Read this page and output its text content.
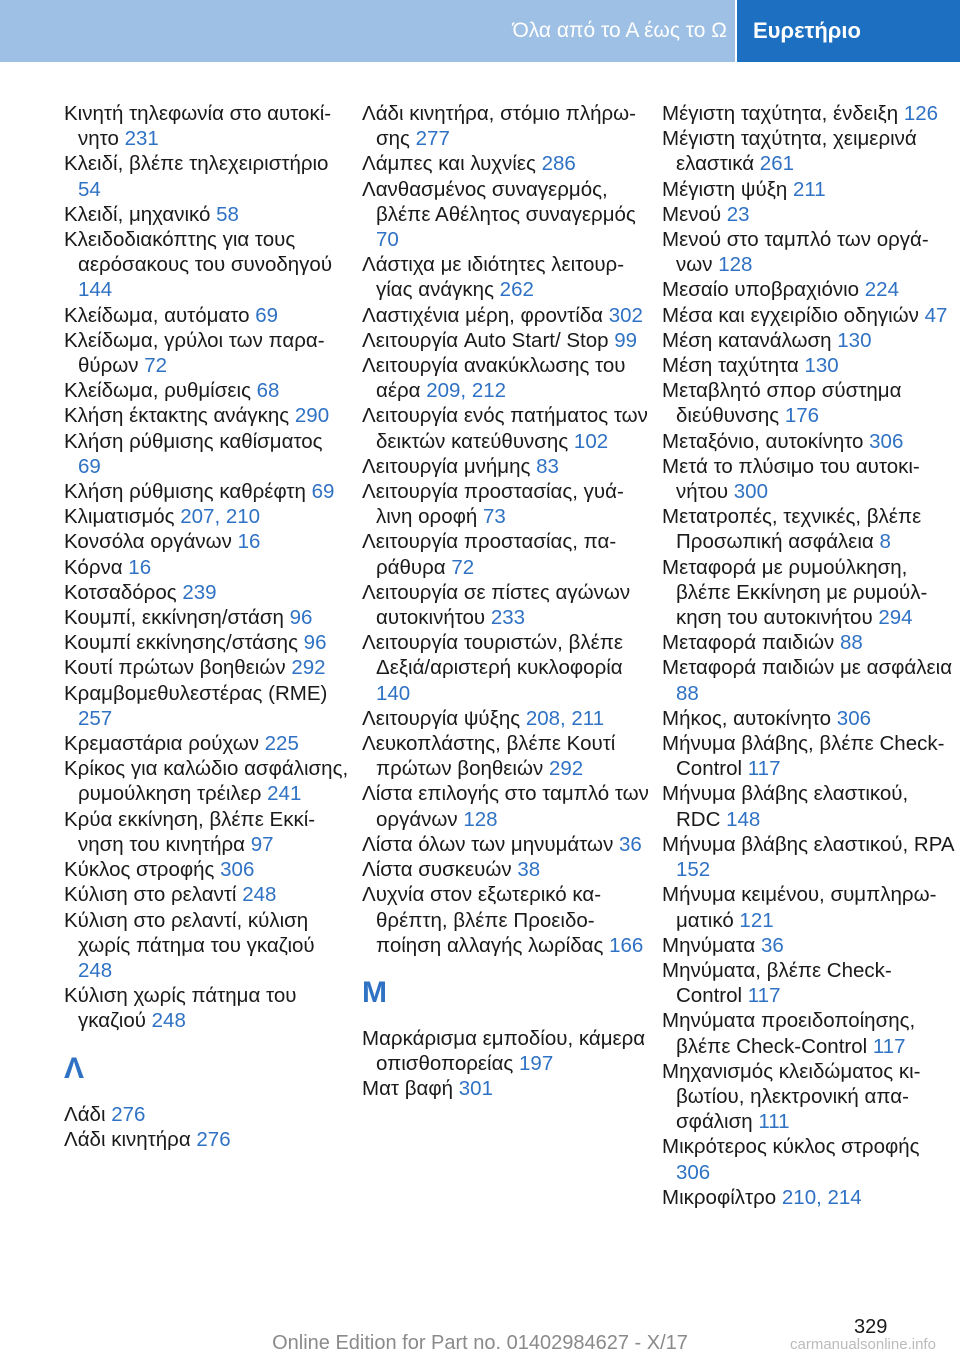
Όλα από το Α έως το Ω	Ευρετήριο
Κινητή τηλεφωνία στο αυτοκίνητο 231
Κλειδί, βλέπε τηλεχειριστήριο 54
Κλειδί, μηχανικό 58
Κλειδοδιακόπτης για τους αερόσακους του συνοδηγού 144
Κλείδωμα, αυτόματο 69
Κλείδωμα, γρύλοι των παραθύρων 72
Κλείδωμα, ρυθμίσεις 68
Κλήση έκτακτης ανάγκης 290
Κλήση ρύθμισης καθίσματος 69
Κλήση ρύθμισης καθρέφτη 69
Κλιματισμός 207, 210
Κονσόλα οργάνων 16
Κόρνα 16
Κοτσαδόρος 239
Κουμπί, εκκίνηση/στάση 96
Κουμπί εκκίνησης/στάσης 96
Κουτί πρώτων βοηθειών 292
Κραμβομεθυλεστέρας (RME) 257
Κρεμαστάρια ρούχων 225
Κρίκος για καλώδιο ασφάλισης, ρυμούλκηση τρέιλερ 241
Κρύα εκκίνηση, βλέπε Εκκίνηση του κινητήρα 97
Κύκλος στροφής 306
Κύλιση στο ρελαντί 248
Κύλιση στο ρελαντί, κύλιση χωρίς πάτημα του γκαζιού 248
Κύλιση χωρίς πάτημα του γκαζιού 248
Λ
Λάδι 276
Λάδι κινητήρα 276
Λάδι κινητήρα, στόμιο πλήρωσης 277
Λάμπες και λυχνίες 286
Λανθασμένος συναγερμός, βλέπε Αθέλητος συναγερμός 70
Λάστιχα με ιδιότητες λειτουργίας ανάγκης 262
Λαστιχένια μέρη, φροντίδα 302
Λειτουργία Auto Start/ Stop 99
Λειτουργία ανακύκλωσης του αέρα 209, 212
Λειτουργία ενός πατήματος των δεικτών κατεύθυνσης 102
Λειτουργία μνήμης 83
Λειτουργία προστασίας, γυάλινη οροφή 73
Λειτουργία προστασίας, παράθυρα 72
Λειτουργία σε πίστες αγώνων αυτοκινήτου 233
Λειτουργία τουριστών, βλέπε Δεξιά/αριστερή κυκλοφορία 140
Λειτουργία ψύξης 208, 211
Λευκοπλάστης, βλέπε Κουτί πρώτων βοηθειών 292
Λίστα επιλογής στο ταμπλό των οργάνων 128
Λίστα όλων των μηνυμάτων 36
Λίστα συσκευών 38
Λυχνία στον εξωτερικό καθρέπτη, βλέπε Προειδοποίηση αλλαγής λωρίδας 166
Μ
Μαρκάρισμα εμποδίου, κάμερα οπισθοπορείας 197
Ματ βαφή 301
Μέγιστη ταχύτητα, ένδειξη 126
Μέγιστη ταχύτητα, χειμερινά ελαστικά 261
Μέγιστη ψύξη 211
Μενού 23
Μενού στο ταμπλό των οργάνων 128
Μεσαίο υποβραχιόνιο 224
Μέσα και εγχειρίδιο οδηγιών 47
Μέση κατανάλωση 130
Μέση ταχύτητα 130
Μεταβλητό σπορ σύστημα διεύθυνσης 176
Μεταξόνιο, αυτοκίνητο 306
Μετά το πλύσιμο του αυτοκινήτου 300
Μετατροπές, τεχνικές, βλέπε Προσωπική ασφάλεια 8
Μεταφορά με ρυμούλκηση, βλέπε Εκκίνηση με ρυμούλκηση του αυτοκινήτου 294
Μεταφορά παιδιών 88
Μεταφορά παιδιών με ασφάλεια 88
Μήκος, αυτοκίνητο 306
Μήνυμα βλάβης, βλέπε Check-Control 117
Μήνυμα βλάβης ελαστικού, RDC 148
Μήνυμα βλάβης ελαστικού, RPA 152
Μήνυμα κειμένου, συμπληρωματικό 121
Μηνύματα 36
Μηνύματα, βλέπε Check-Control 117
Μηνύματα προειδοποίησης, βλέπε Check-Control 117
Μηχανισμός κλειδώματος κιβωτίου, ηλεκτρονική απασφάλιση 111
Μικρότερος κύκλος στροφής 306
Μικροφίλτρο 210, 214
329
Online Edition for Part no. 01402984627 - X/17	carmanualsonline.info
